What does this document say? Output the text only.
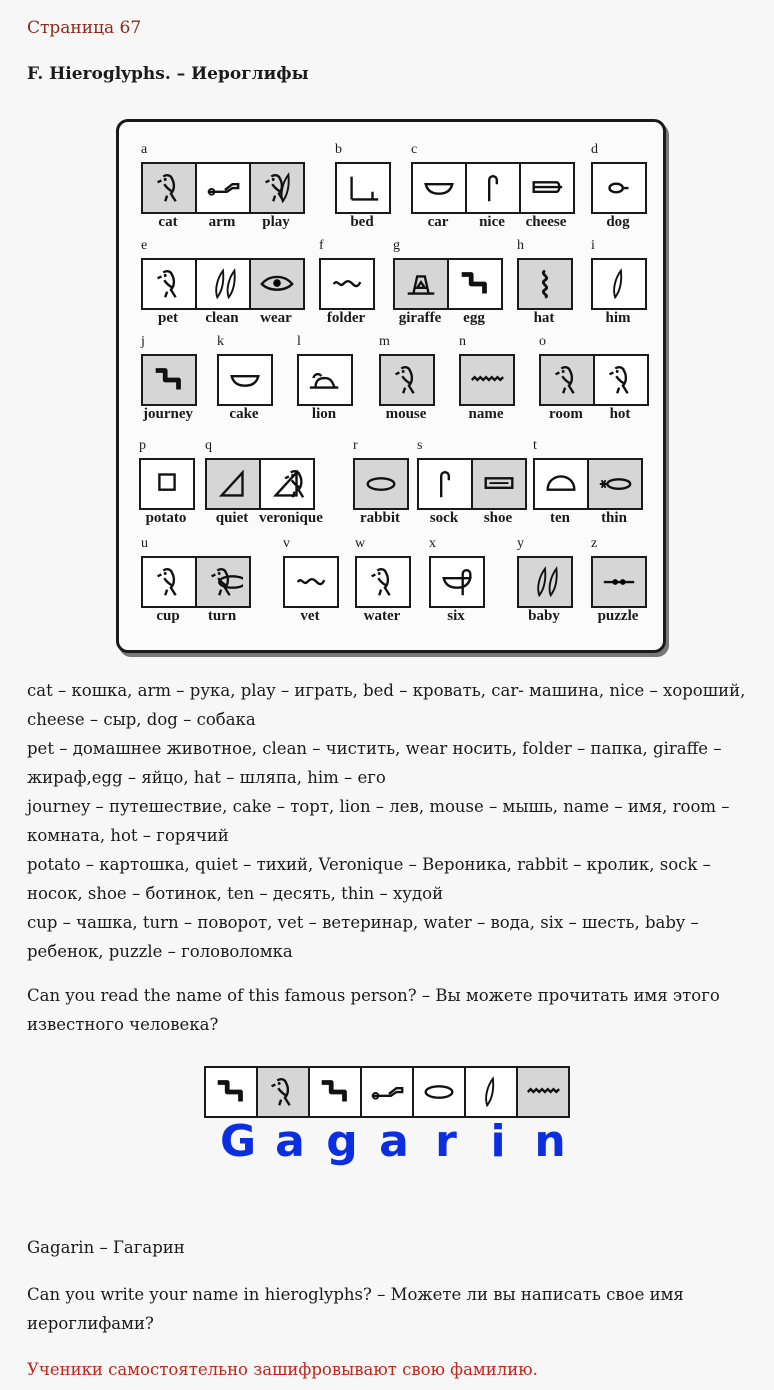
Страница 67
F. Hieroglyphs. – Иероглифы
a
cat	arm	play
b
bed
c
car	nice	cheese
d
dog
e
pet	clean	wear
f
folder
g
giraffe	egg
h
hat
i
him
j
journey
k
cake
l
lion
m
mouse
n
name
o
room	hot
p
potato
q
quiet veronique
r
rabbit
s
sock	shoe
t
ten	thin
u
cup	turn
v
vet
w
water
x
six
y
baby
z
puzzle
cat – кошка, arm – рука, play – играть, bed – кровать, car- машина, nice – хороший,
cheese – сыр, dog – собака
pet – домашнее животное, clean – чистить, wear носить, folder – папка, giraffe –
жираф,egg – яйцо, hat – шляпа, him – его
journey – путешествие, cake – торт, lion – лев, mouse – мышь, name – имя, room –
комната, hot – горячий
potato – картошка, quiet – тихий, Veronique – Вероника, rabbit – кролик, sock –
носок, shoe – ботинок, ten – десять, thin – худой
cup – чашка, turn – поворот, vet – ветеринар, water – вода, six – шесть, baby –
ребенок, puzzle – головоломка
Can you read the name of this famous person? – Вы можете прочитать имя этого
известного человека?
G a g a r i n
Gagarin – Гагарин
Can you write your name in hieroglyphs? – Можете ли вы написать свое имя
иероглифами?
Ученики самостоятельно зашифровывают свою фамилию.
